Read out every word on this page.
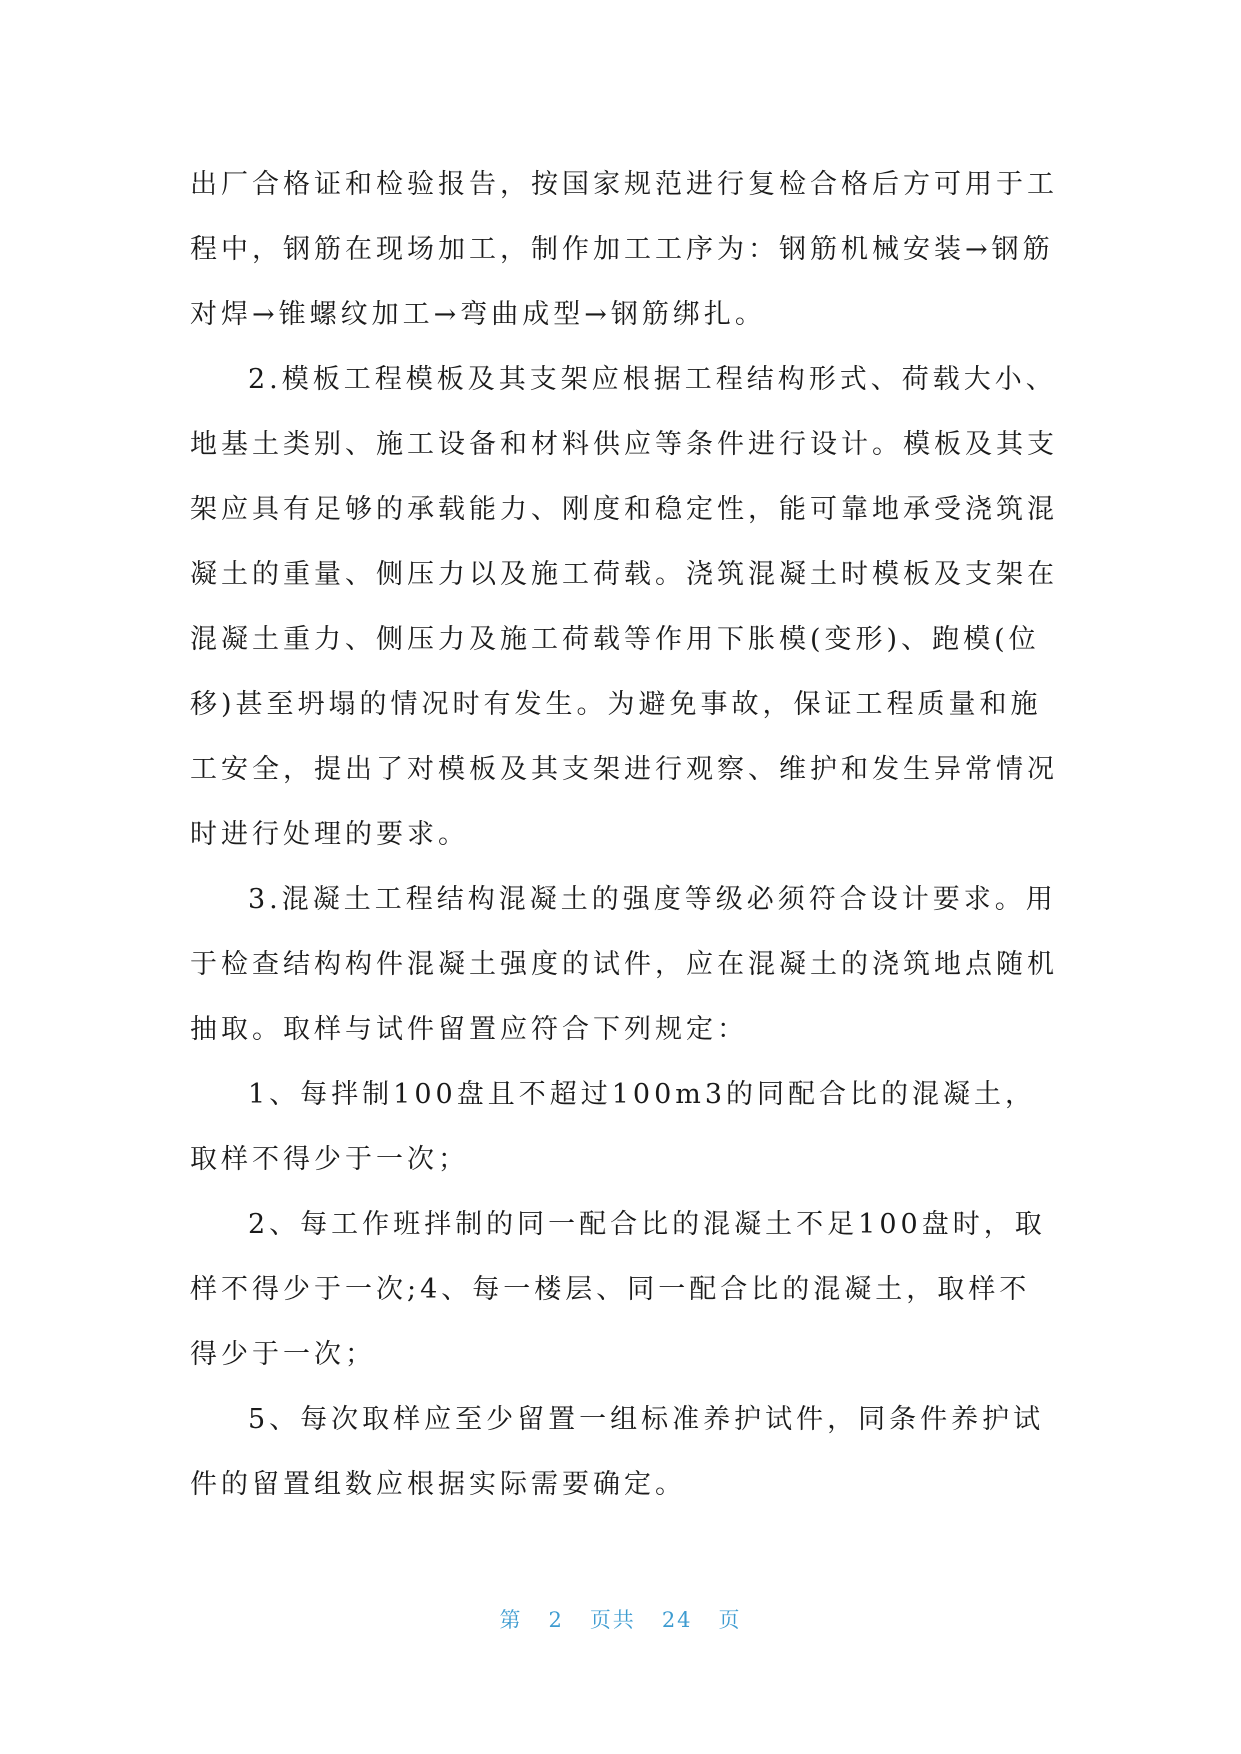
出厂合格证和检验报告，按国家规范进行复检合格后方可用于工程中，钢筋在现场加工，制作加工工序为：钢筋机械安装→钢筋对焊→锥螺纹加工→弯曲成型→钢筋绑扎。

2.模板工程模板及其支架应根据工程结构形式、荷载大小、地基土类别、施工设备和材料供应等条件进行设计。模板及其支架应具有足够的承载能力、刚度和稳定性，能可靠地承受浇筑混凝土的重量、侧压力以及施工荷载。浇筑混凝土时模板及支架在混凝土重力、侧压力及施工荷载等作用下胀模(变形)、跑模(位移)甚至坍塌的情况时有发生。为避免事故，保证工程质量和施工安全，提出了对模板及其支架进行观察、维护和发生异常情况时进行处理的要求。

3.混凝土工程结构混凝土的强度等级必须符合设计要求。用于检查结构构件混凝土强度的试件，应在混凝土的浇筑地点随机抽取。取样与试件留置应符合下列规定：

1、每拌制100盘且不超过100m3的同配合比的混凝土，取样不得少于一次；

2、每工作班拌制的同一配合比的混凝土不足100盘时，取样不得少于一次;4、每一楼层、同一配合比的混凝土，取样不得少于一次；

5、每次取样应至少留置一组标准养护试件，同条件养护试件的留置组数应根据实际需要确定。

第 2 页共 24 页
